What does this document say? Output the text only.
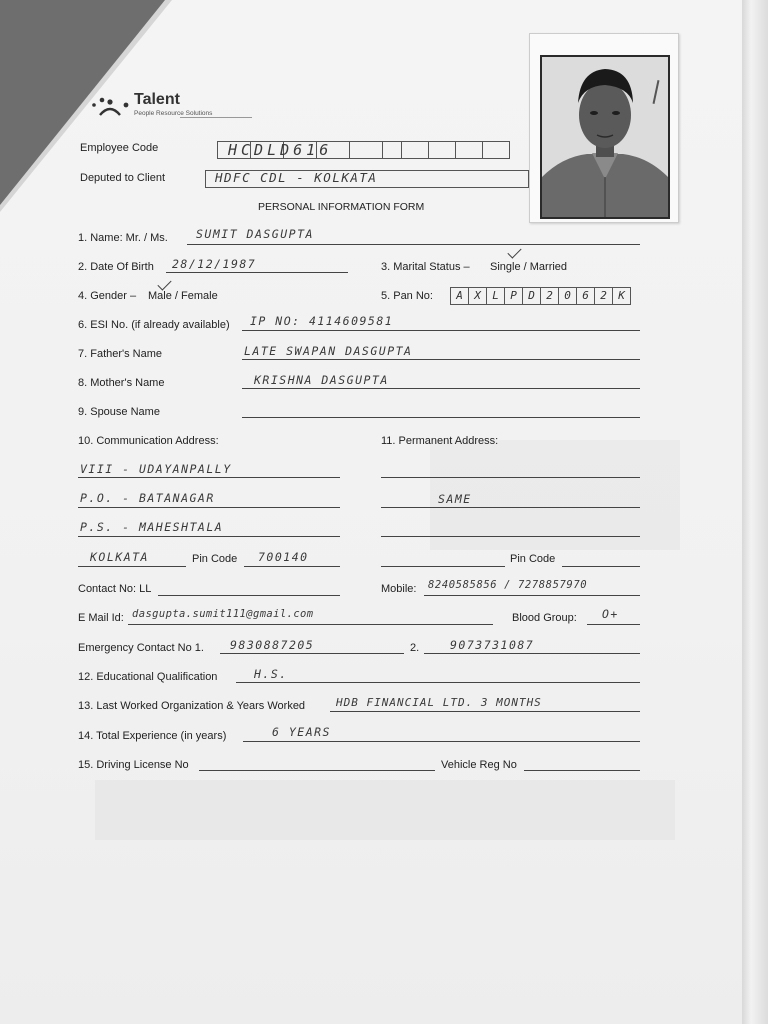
Talent
People Resource Solutions
Employee Code	HCDLD616
Deputed to Client	HDFC CDL - KOLKATA
PERSONAL INFORMATION FORM
1. Name: Mr. / Ms. SUMIT DASGUPTA
2. Date Of Birth 28/12/1987	3. Marital Status – Single / Married
4. Gender – Male / Female	5. Pan No:	A	X	L	P	D	2	0	6	2	K
6. ESI No. (if already available) IP NO: 4114609581
7. Father's Name	LATE SWAPAN DASGUPTA
8. Mother's Name	KRISHNA DASGUPTA
9. Spouse Name
10. Communication Address:	11. Permanent Address:
VIII - UDAYANPALLY
P.O. - BATANAGAR	SAME
P.S. - MAHESHTALA
KOLKATA	Pin Code 700140	Pin Code
Contact No: LL	Mobile: 8240585856 / 7278857970
E Mail Id: dasgupta.sumit111@gmail.com	Blood Group: O+
Emergency Contact No 1. 9830887205	2.	9073731087
12. Educational Qualification	H.S.
13. Last Worked Organization & Years Worked	HDB FINANCIAL LTD. 3 MONTHS
14. Total Experience (in years)	6 YEARS
15. Driving License No	Vehicle Reg No
